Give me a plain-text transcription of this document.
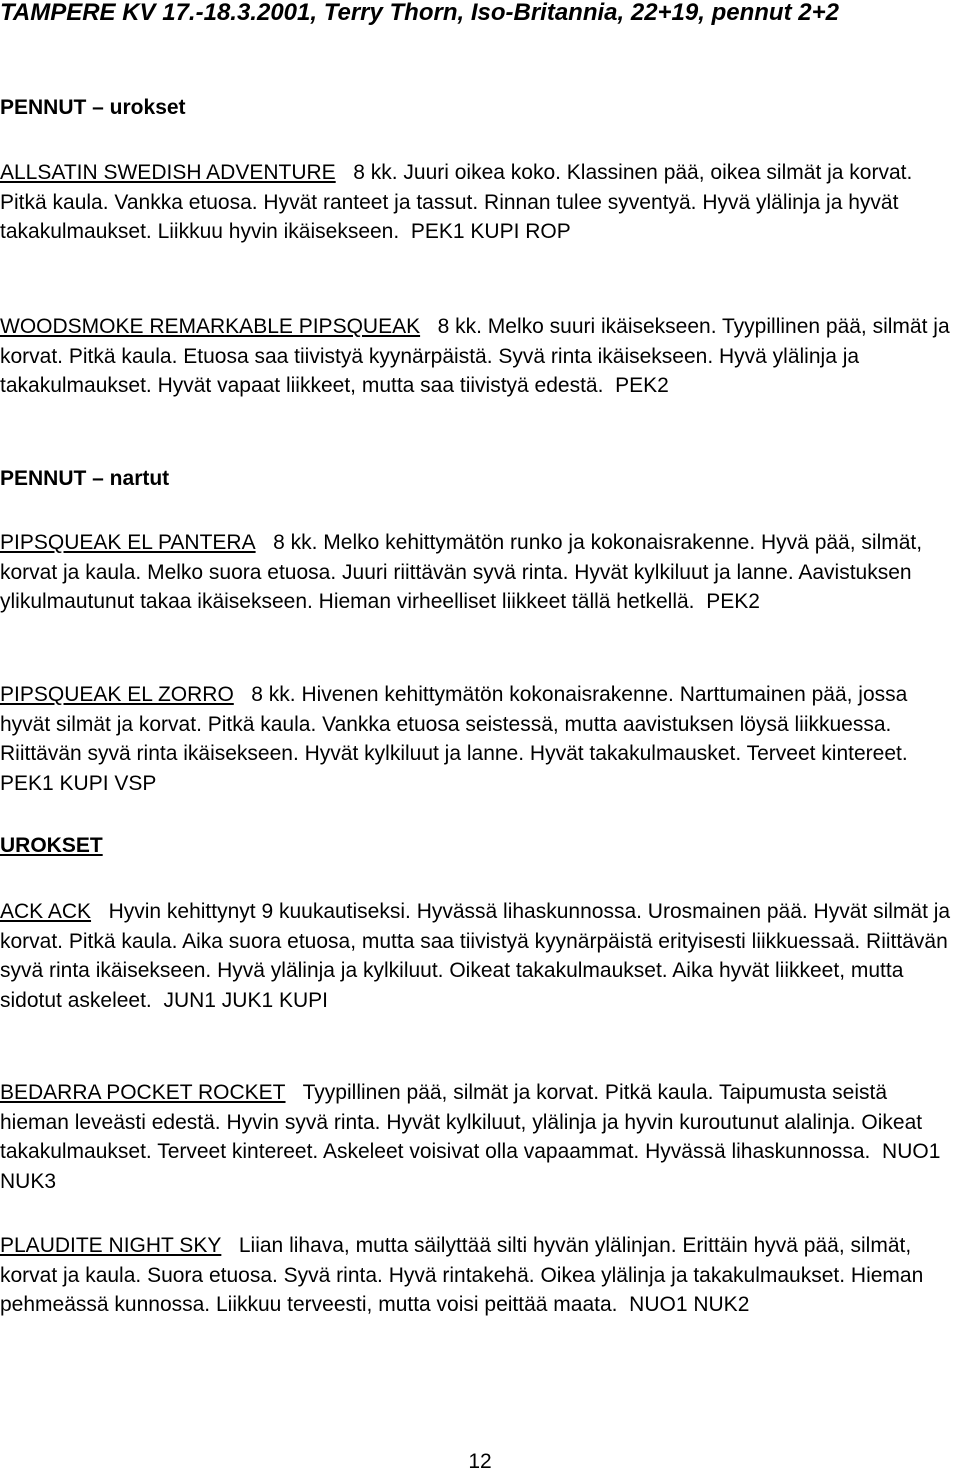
TAMPERE KV 17.-18.3.2001, Terry Thorn, Iso-Britannia, 22+19, pennut 2+2
PENNUT – urokset

ALLSATIN SWEDISH ADVENTURE 8 kk. Juuri oikea koko. Klassinen pää, oikea silmät ja korvat. Pitkä kaula. Vankka etuosa. Hyvät ranteet ja tassut. Rinnan tulee syventyä. Hyvä ylälinja ja hyvät takakulmaukset. Liikkuu hyvin ikäisekseen. PEK1 KUPI ROP

WOODSMOKE REMARKABLE PIPSQUEAK 8 kk. Melko suuri ikäisekseen. Tyypillinen pää, silmät ja korvat. Pitkä kaula. Etuosa saa tiivistyä kyynärpäistä. Syvä rinta ikäisekseen. Hyvä ylälinja ja takakulmaukset. Hyvät vapaat liikkeet, mutta saa tiivistyä edestä. PEK2

PENNUT – nartut

PIPSQUEAK EL PANTERA 8 kk. Melko kehittymätön runko ja kokonaisrakenne. Hyvä pää, silmät, korvat ja kaula. Melko suora etuosa. Juuri riittävän syvä rinta. Hyvät kylkiluut ja lanne. Aavistuksen ylikulmautunut takaa ikäisekseen. Hieman virheelliset liikkeet tällä hetkellä. PEK2

PIPSQUEAK EL ZORRO 8 kk. Hivenen kehittymätön kokonaisrakenne. Narttumainen pää, jossa hyvät silmät ja korvat. Pitkä kaula. Vankka etuosa seistessä, mutta aavistuksen löysä liikkuessa. Riittävän syvä rinta ikäisekseen. Hyvät kylkiluut ja lanne. Hyvät takakulmausket. Terveet kintereet.  PEK1 KUPI VSP

UROKSET

ACK ACK Hyvin kehittynyt 9 kuukautiseksi. Hyvässä lihaskunnossa. Urosmainen pää. Hyvät silmät ja korvat. Pitkä kaula. Aika suora etuosa, mutta saa tiivistyä kyynärpäistä erityisesti liikkuessaä. Riittävän syvä rinta ikäisekseen. Hyvä ylälinja ja kylkiluut. Oikeat takakulmaukset. Aika hyvät liikkeet, mutta sidotut askeleet. JUN1 JUK1 KUPI

BEDARRA POCKET ROCKET Tyypillinen pää, silmät ja korvat. Pitkä kaula. Taipumusta seistä hieman leveästi edestä. Hyvin syvä rinta. Hyvät kylkiluut, ylälinja ja hyvin kuroutunut alalinja. Oikeat takakulmaukset. Terveet kintereet. Askeleet voisivat olla vapaammat. Hyvässä lihaskunnossa. NUO1 NUK3

PLAUDITE NIGHT SKY Liian lihava, mutta säilyttää silti hyvän ylälinjan. Erittäin hyvä pää, silmät, korvat ja kaula. Suora etuosa. Syvä rinta. Hyvä rintakehä. Oikea ylälinja ja takakulmaukset. Hieman pehmeässä kunnossa. Liikkuu terveesti, mutta voisi peittää maata. NUO1 NUK2

12
